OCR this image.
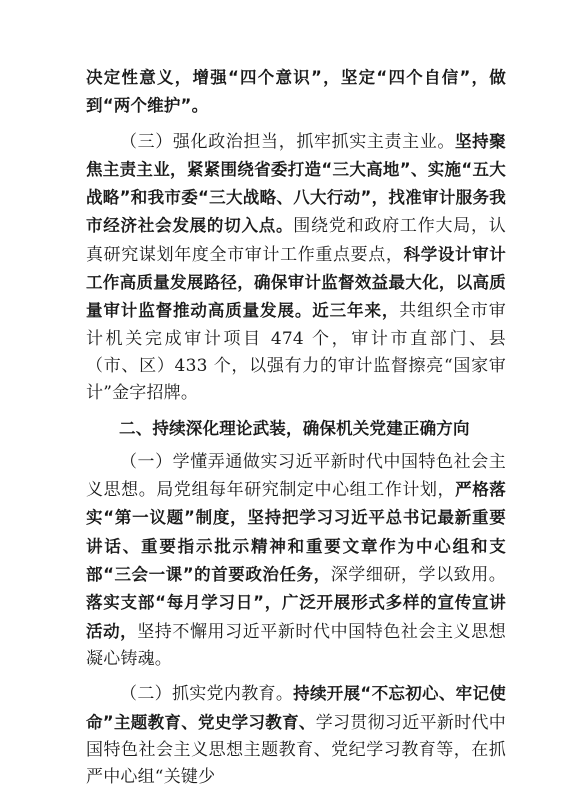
决定性意义，增强“四个意识”，坚定“四个自信”，做到“两个维护”。

（三）强化政治担当，抓牢抓实主责主业。坚持聚焦主责主业，紧紧围绕省委打造“三大高地”、实施“五大战略”和我市委“三大战略、八大行动”，找准审计服务我市经济社会发展的切入点。围绕党和政府工作大局，认真研究谋划年度全市审计工作重点要点，科学设计审计工作高质量发展路径，确保审计监督效益最大化，以高质量审计监督推动高质量发展。近三年来，共组织全市审计机关完成审计项目 474 个，审计市直部门、县（市、区）433 个，以强有力的审计监督擦亮“国家审计”金字招牌。

二、持续深化理论武装，确保机关党建正确方向

（一）学懂弄通做实习近平新时代中国特色社会主义思想。局党组每年研究制定中心组工作计划，严格落实“第一议题”制度，坚持把学习习近平总书记最新重要讲话、重要指示批示精神和重要文章作为中心组和支部“三会一课”的首要政治任务，深学细研，学以致用。落实支部“每月学习日”，广泛开展形式多样的宣传宣讲活动，坚持不懈用习近平新时代中国特色社会主义思想凝心铸魂。

（二）抓实党内教育。持续开展“不忘初心、牢记使命”主题教育、党史学习教育、学习贯彻习近平新时代中国特色社会主义思想主题教育、党纪学习教育等，在抓严中心组“关键少
